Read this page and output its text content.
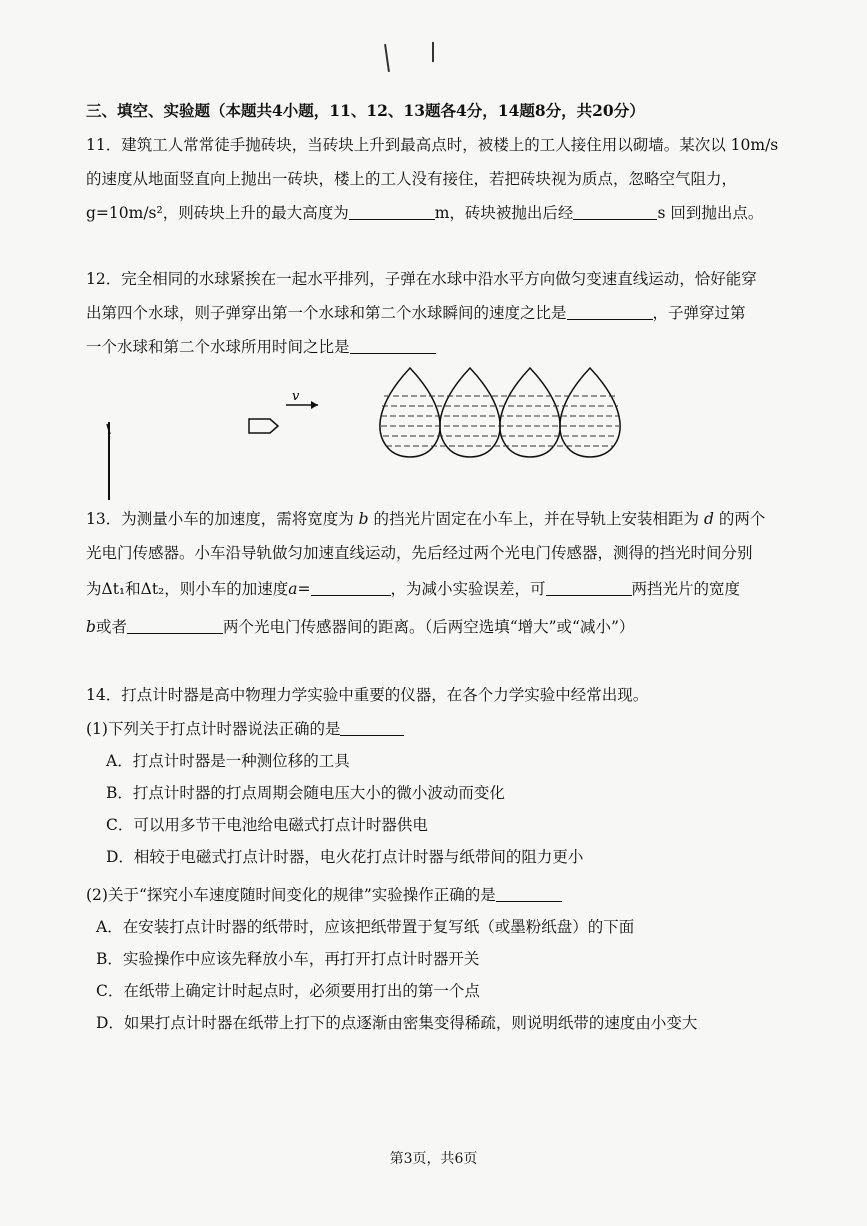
三、填空、实验题（本题共4小题，11、12、13题各4分，14题8分，共20分）
11．建筑工人常常徒手抛砖块，当砖块上升到最高点时，被楼上的工人接住用以砌墙。某次以 10m/s
的速度从地面竖直向上抛出一砖块，楼上的工人没有接住，若把砖块视为质点，忽略空气阻力，
g=10m/s²，则砖块上升的最大高度为	m，砖块被抛出后经	s 回到抛出点。
12．完全相同的水球紧挨在一起水平排列，子弹在水球中沿水平方向做匀变速直线运动，恰好能穿
出第四个水球，则子弹穿出第一个水球和第二个水球瞬间的速度之比是	，子弹穿过第
一个水球和第二个水球所用时间之比是
v
13．为测量小车的加速度，需将宽度为 b 的挡光片固定在小车上，并在导轨上安装相距为 d 的两个
光电门传感器。小车沿导轨做匀加速直线运动，先后经过两个光电门传感器，测得的挡光时间分别
为Δt₁和Δt₂，则小车的加速度a=	，为减小实验误差，可	两挡光片的宽度
b或者	两个光电门传感器间的距离。（后两空选填“增大”或“减小”）
14．打点计时器是高中物理力学实验中重要的仪器，在各个力学实验中经常出现。
(1)下列关于打点计时器说法正确的是
A．打点计时器是一种测位移的工具
B．打点计时器的打点周期会随电压大小的微小波动而变化
C．可以用多节干电池给电磁式打点计时器供电
D．相较于电磁式打点计时器，电火花打点计时器与纸带间的阻力更小
(2)关于“探究小车速度随时间变化的规律”实验操作正确的是
A．在安装打点计时器的纸带时，应该把纸带置于复写纸（或墨粉纸盘）的下面
B．实验操作中应该先释放小车，再打开打点计时器开关
C．在纸带上确定计时起点时，必须要用打出的第一个点
D．如果打点计时器在纸带上打下的点逐渐由密集变得稀疏，则说明纸带的速度由小变大
第3页，共6页
